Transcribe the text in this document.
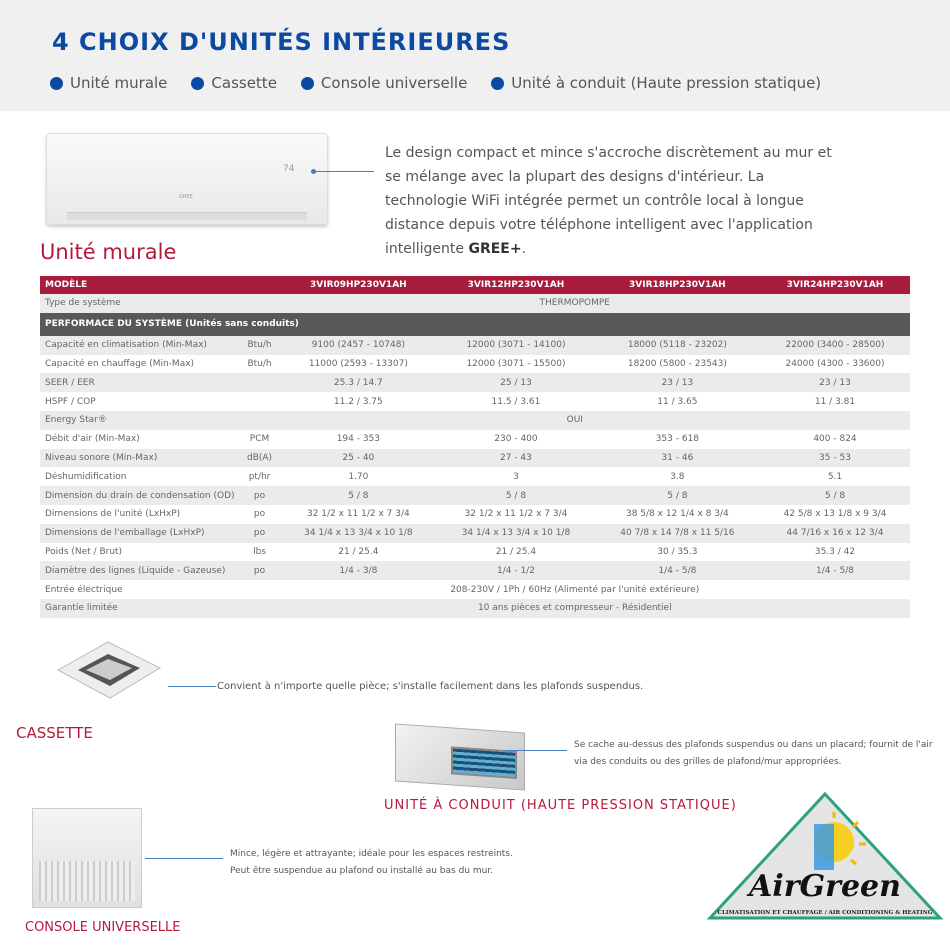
4 CHOIX D'UNITÉS INTÉRIEURES
Unité murale	Cassette	Console universelle	Unité à conduit (Haute pression statique)
74
GREE
Le design compact et mince s'accroche discrètement au mur et se mélange avec la plupart des designs d'intérieur. La technologie WiFi intégrée permet un contrôle local à longue distance depuis votre téléphone intelligent avec l'application intelligente GREE+.
Unité murale
MODÈLE		3VIR09HP230V1AH	3VIR12HP230V1AH	3VIR18HP230V1AH	3VIR24HP230V1AH
Type de système	THERMOPOMPE				
PERFORMACE DU SYSTÈME (Unités sans conduits)					
Capacité en climatisation (Min-Max)	Btu/h	9100 (2457 - 10748)	12000 (3071 - 14100)	18000 (5118 - 23202)	22000 (3400 - 28500)
Capacité en chauffage (Min-Max)	Btu/h	11000 (2593 - 13307)	12000 (3071 - 15500)	18200 (5800 - 23543)	24000 (4300 - 33600)
SEER / EER		25.3 / 14.7	25 / 13	23 / 13	23 / 13
HSPF / COP		11.2 / 3.75	11.5 / 3.61	11 / 3.65	11 / 3.81
Energy Star®	OUI				
Débit d'air (Min-Max)	PCM	194 - 353	230 - 400	353 - 618	400 - 824
Niveau sonore (Min-Max)	dB(A)	25 - 40	27 - 43	31 - 46	35 - 53
Déshumidification	pt/hr	1.70	3	3.8	5.1
Dimension du drain de condensation (OD)	po	5 / 8	5 / 8	5 / 8	5 / 8
Dimensions de l'unité (LxHxP)	po	32 1/2 x 11 1/2 x 7 3/4	32 1/2 x 11 1/2 x 7 3/4	38 5/8 x 12 1/4 x 8 3/4	42 5/8 x 13 1/8 x 9 3/4
Dimensions de l'emballage (LxHxP)	po	34 1/4 x 13 3/4 x 10 1/8	34 1/4 x 13 3/4 x 10 1/8	40 7/8 x 14 7/8 x 11 5/16	44 7/16 x 16 x 12 3/4
Poids (Net / Brut)	lbs	21 / 25.4	21 / 25.4	30 / 35.3	35.3 / 42
Diamètre des lignes (Liquide - Gazeuse)	po	1/4 - 3/8	1/4 - 1/2	1/4 - 5/8	1/4 - 5/8
Entrée électrique	208-230V / 1Ph / 60Hz (Alimenté par l'unité extérieure)				
Garantie limitée	10 ans pièces et compresseur - Résidentiel				
Convient à n'importe quelle pièce; s'installe facilement dans les plafonds suspendus.
CASSETTE
Se cache au-dessus des plafonds suspendus ou dans un placard; fournit de l'air
via des conduits ou des grilles de plafond/mur appropriées.
UNITÉ À CONDUIT (HAUTE PRESSION STATIQUE)
Mince, légère et attrayante; idéale pour les espaces restreints.
Peut être suspendue au plafond ou installé au bas du mur.
CONSOLE UNIVERSELLE
AirGreen
CLIMATISATION ET CHAUFFAGE / AIR CONDITIONING & HEATING
